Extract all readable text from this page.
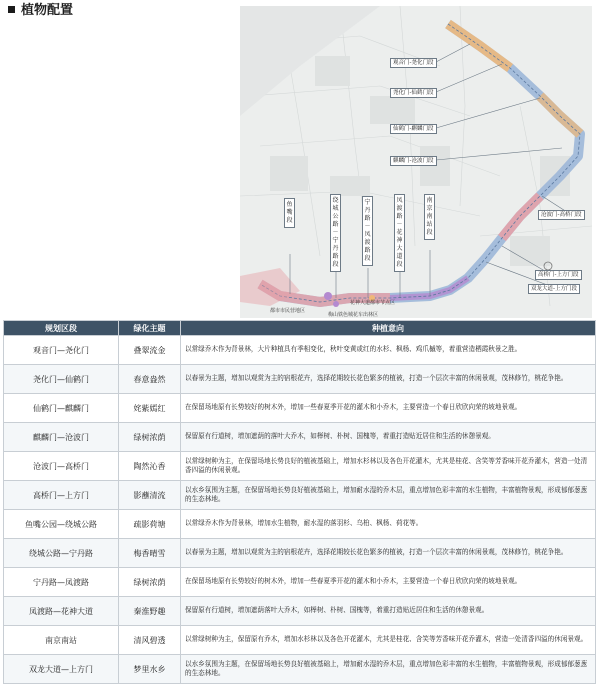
植物配置
观音门-尧化门段
尧化门-仙鹤门段
仙鹤门-麒麟门段
麒麟门-沧波门段
沧波门-高桥门段
高桥门-上方门段
双龙大道-上方门段
鱼嘴段
绕城公路－宁丹路段
宁丹路－凤渡路段
凤渡路－花神大道段
南京南站段
都市市民营地区
梅山铁色城花车出林区
花神大道都市节点区
规划区段	绿化主题	种植意向
观音门—尧化门	叠翠流金	以常绿乔木作为背景林，大片种植具有季相变化，秋叶变黄或红的水杉、枫杨、鸡爪槭等，着重营造栖霞秋景之胜。
尧化门—仙鹤门	春意盎然	以春景为主题，增加以观赏为主的宿根花卉，选择花期较长花色繁多的植被，打造一个层次丰富的休闲景观，茂林修竹，桃花争艳。
仙鹤门—麒麟门	姹紫嫣红	在保留场地原有长势较好的树木外，增加一些春夏季开花的灌木和小乔木，主要营造一个春日欣欣向荣的坡地景观。
麒麟门—沧波门	绿树浓荫	保留原有行道树，增加遮荫的落叶大乔木，如榉树、朴树、国槐等，着重打造贴近居住和生活的休憩景观。
沧波门—高桥门	陶然沁香	以常绿树种为主，在保留场地长势良好的植被基础上，增加水杉林以及各色开花灌木，尤其是桂花、含笑等芳香味开花乔灌木，营造一处清香四溢的休闲景观。
高桥门—上方门	影蘸清流	以水乡氛围为主题，在保留场地长势良好植被基础上，增加耐水湿的乔木层，重点增加色彩丰富的水生植物，丰富植物景观，形成郁郁葱葱的生态林地。
鱼嘴公园—绕城公路	疏影荷塘	以常绿乔木作为背景林，增加水生植物，耐水湿的落羽杉、乌桕、枫杨、荷花等。
绕城公路—宁丹路	梅香晴雪	以春景为主题，增加以观赏为主的宿根花卉，选择花期较长花色繁多的植被，打造一个层次丰富的休闲景观，茂林修竹，桃花争艳。
宁丹路—凤渡路	绿树浓荫	在保留场地原有长势较好的树木外，增加一些春夏季开花的灌木和小乔木，主要营造一个春日欣欣向荣的坡地景观。
凤渡路—花神大道	秦淮野趣	保留原有行道树，增加遮荫落叶大乔木，如榉树、朴树、国槐等，着重打造贴近居住和生活的休憩景观。
南京南站	清风碧透	以常绿树种为主，保留原有乔木，增加水杉林以及各色开花灌木，尤其是桂花、含笑等芳香味开花乔灌木，营造一处清香四溢的休闲景观。
双龙大道—上方门	梦里水乡	以水乡氛围为主题，在保留场地长势良好植被基础上，增加耐水湿的乔木层，重点增加色彩丰富的水生植物，丰富植物景观，形成郁郁葱葱的生态林地。
